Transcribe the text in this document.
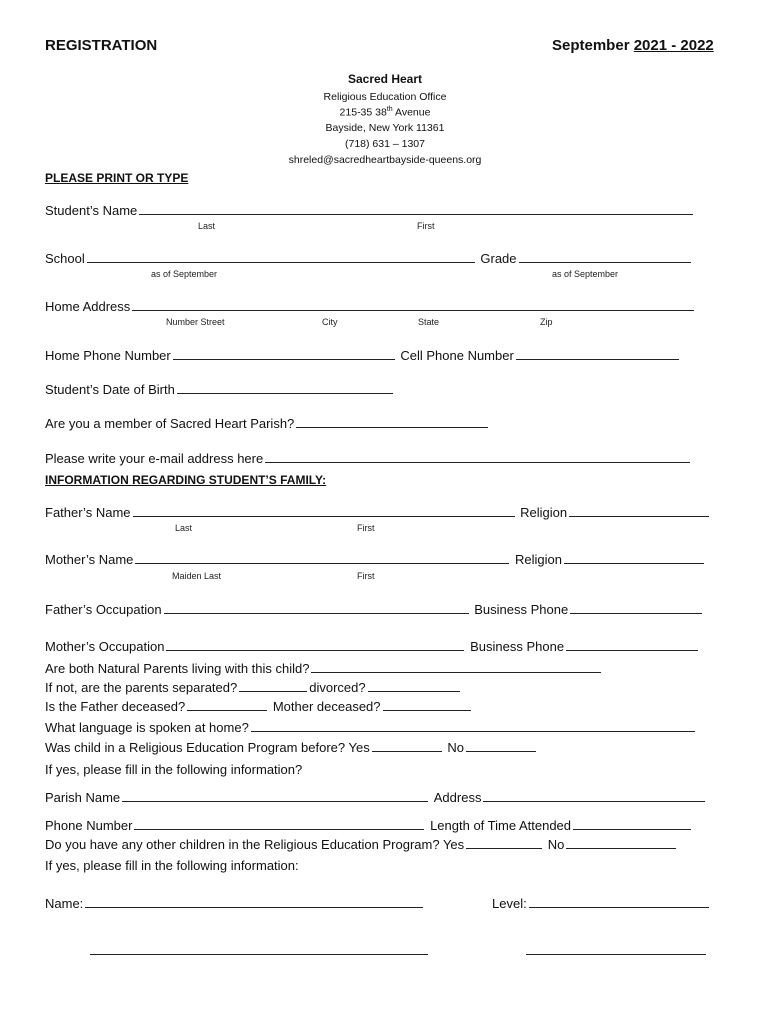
REGISTRATION	September 2021 - 2022
Sacred Heart
Religious Education Office
215-35 38th Avenue
Bayside, New York 11361
(718) 631 – 1307
shreled@sacredheartbayside-queens.org
PLEASE PRINT OR TYPE
Student’s Name
Last	First
School	Grade
as of September	as of September
Home Address
Number Street	City	State	Zip
Home Phone Number	Cell Phone Number
Student’s Date of Birth
Are you a member of Sacred Heart Parish?
Please write your e-mail address here
INFORMATION REGARDING STUDENT’S FAMILY:
Father’s Name	Religion
Last	First
Mother’s Name	Religion
Maiden Last	First
Father’s Occupation	Business Phone
Mother’s Occupation	Business Phone
Are both Natural Parents living with this child?
If not, are the parents separated?	divorced?
Is the Father deceased?	Mother deceased?
What language is spoken at home?
Was child in a Religious Education Program before? Yes	No
If yes, please fill in the following information?
Parish Name	Address
Phone Number	Length of Time Attended
Do you have any other children in the Religious Education Program? Yes	No
If yes, please fill in the following information:
Name:	Level:
